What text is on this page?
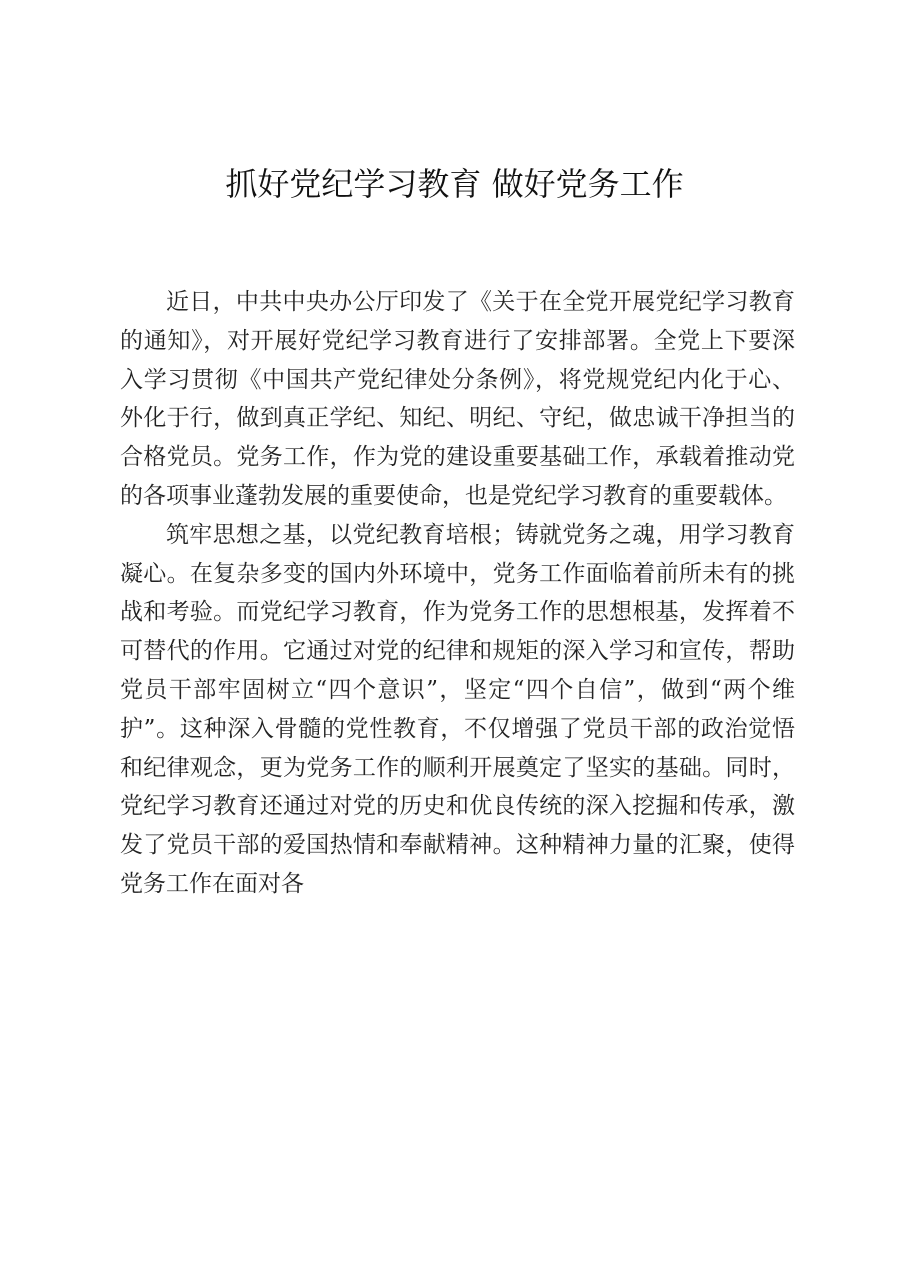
抓好党纪学习教育 做好党务工作

近日，中共中央办公厅印发了《关于在全党开展党纪学习教育的通知》，对开展好党纪学习教育进行了安排部署。全党上下要深入学习贯彻《中国共产党纪律处分条例》，将党规党纪内化于心、外化于行，做到真正学纪、知纪、明纪、守纪，做忠诚干净担当的合格党员。党务工作，作为党的建设重要基础工作，承载着推动党的各项事业蓬勃发展的重要使命，也是党纪学习教育的重要载体。

筑牢思想之基，以党纪教育培根；铸就党务之魂，用学习教育凝心。在复杂多变的国内外环境中，党务工作面临着前所未有的挑战和考验。而党纪学习教育，作为党务工作的思想根基，发挥着不可替代的作用。它通过对党的纪律和规矩的深入学习和宣传，帮助党员干部牢固树立“四个意识”，坚定“四个自信”，做到“两个维护”。这种深入骨髓的党性教育，不仅增强了党员干部的政治觉悟和纪律观念，更为党务工作的顺利开展奠定了坚实的基础。同时，党纪学习教育还通过对党的历史和优良传统的深入挖掘和传承，激发了党员干部的爱国热情和奉献精神。这种精神力量的汇聚，使得党务工作在面对各
